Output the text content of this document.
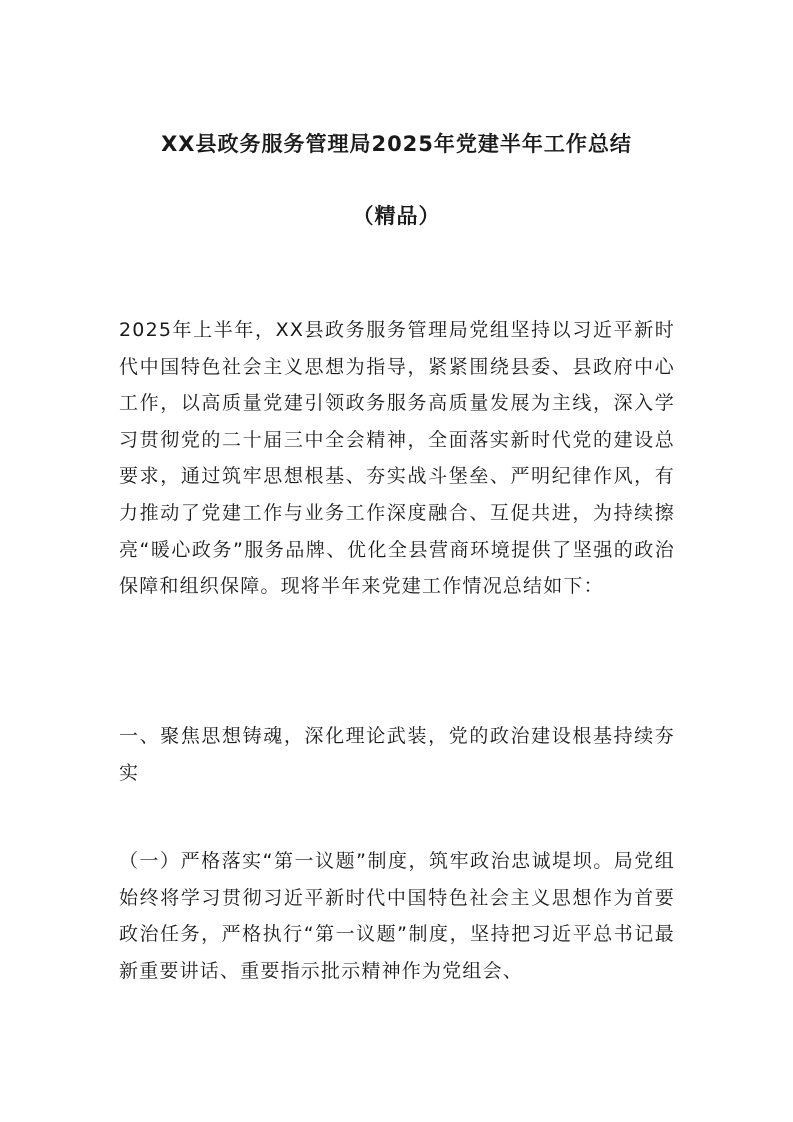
XX县政务服务管理局2025年党建半年工作总结
（精品）

2025年上半年，XX县政务服务管理局党组坚持以习近平新时代中国特色社会主义思想为指导，紧紧围绕县委、县政府中心工作，以高质量党建引领政务服务高质量发展为主线，深入学习贯彻党的二十届三中全会精神，全面落实新时代党的建设总要求，通过筑牢思想根基、夯实战斗堡垒、严明纪律作风，有力推动了党建工作与业务工作深度融合、互促共进，为持续擦亮“暖心政务”服务品牌、优化全县营商环境提供了坚强的政治保障和组织保障。现将半年来党建工作情况总结如下：

一、聚焦思想铸魂，深化理论武装，党的政治建设根基持续夯实

（一）严格落实“第一议题”制度，筑牢政治忠诚堤坝。局党组始终将学习贯彻习近平新时代中国特色社会主义思想作为首要政治任务，严格执行“第一议题”制度，坚持把习近平总书记最新重要讲话、重要指示批示精神作为党组会、
